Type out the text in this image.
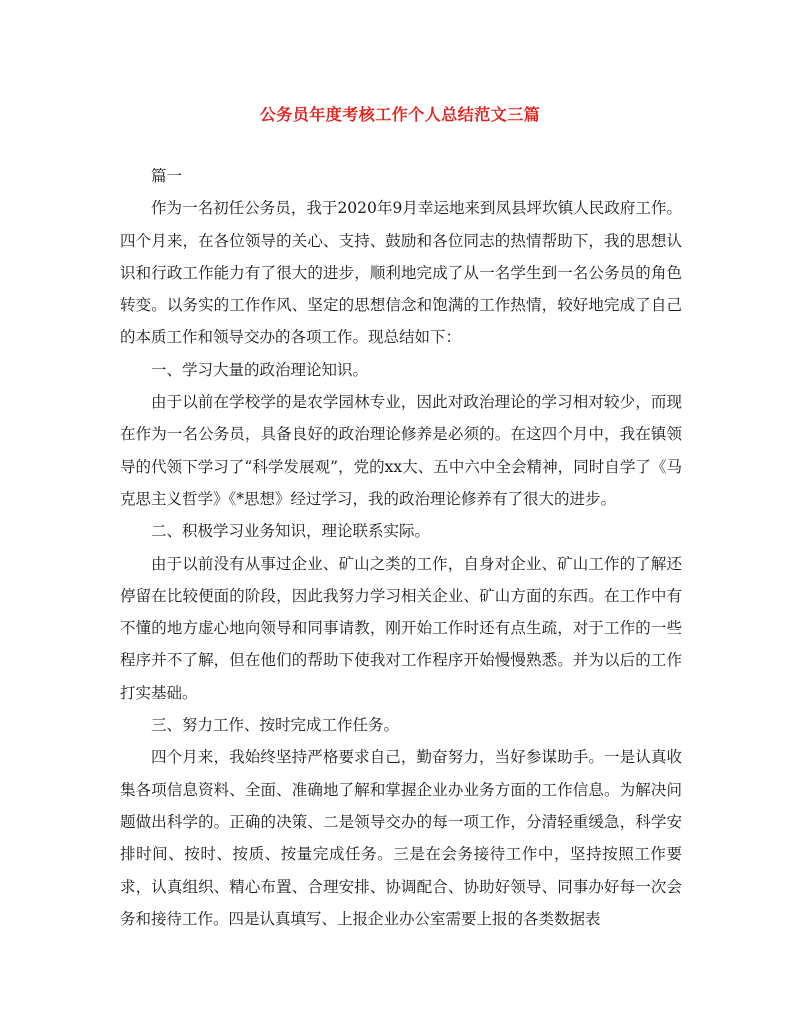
公务员年度考核工作个人总结范文三篇

篇一

作为一名初任公务员，我于2020年9月幸运地来到凤县坪坎镇人民政府工作。四个月来，在各位领导的关心、支持、鼓励和各位同志的热情帮助下，我的思想认识和行政工作能力有了很大的进步，顺利地完成了从一名学生到一名公务员的角色转变。以务实的工作作风、坚定的思想信念和饱满的工作热情，较好地完成了自己的本质工作和领导交办的各项工作。现总结如下：

一、学习大量的政治理论知识。

由于以前在学校学的是农学园林专业，因此对政治理论的学习相对较少，而现在作为一名公务员，具备良好的政治理论修养是必须的。在这四个月中，我在镇领导的代领下学习了“科学发展观”，党的xx大、五中六中全会精神，同时自学了《马克思主义哲学》《*思想》经过学习，我的政治理论修养有了很大的进步。

二、积极学习业务知识，理论联系实际。

由于以前没有从事过企业、矿山之类的工作，自身对企业、矿山工作的了解还停留在比较便面的阶段，因此我努力学习相关企业、矿山方面的东西。在工作中有不懂的地方虚心地向领导和同事请教，刚开始工作时还有点生疏，对于工作的一些程序并不了解，但在他们的帮助下使我对工作程序开始慢慢熟悉。并为以后的工作打实基础。

三、努力工作、按时完成工作任务。

四个月来，我始终坚持严格要求自己，勤奋努力，当好参谋助手。一是认真收集各项信息资料、全面、准确地了解和掌握企业办业务方面的工作信息。为解决问题做出科学的。正确的决策、二是领导交办的每一项工作，分清轻重缓急，科学安排时间、按时、按质、按量完成任务。三是在会务接待工作中，坚持按照工作要求，认真组织、精心布置、合理安排、协调配合、协助好领导、同事办好每一次会务和接待工作。四是认真填写、上报企业办公室需要上报的各类数据表
